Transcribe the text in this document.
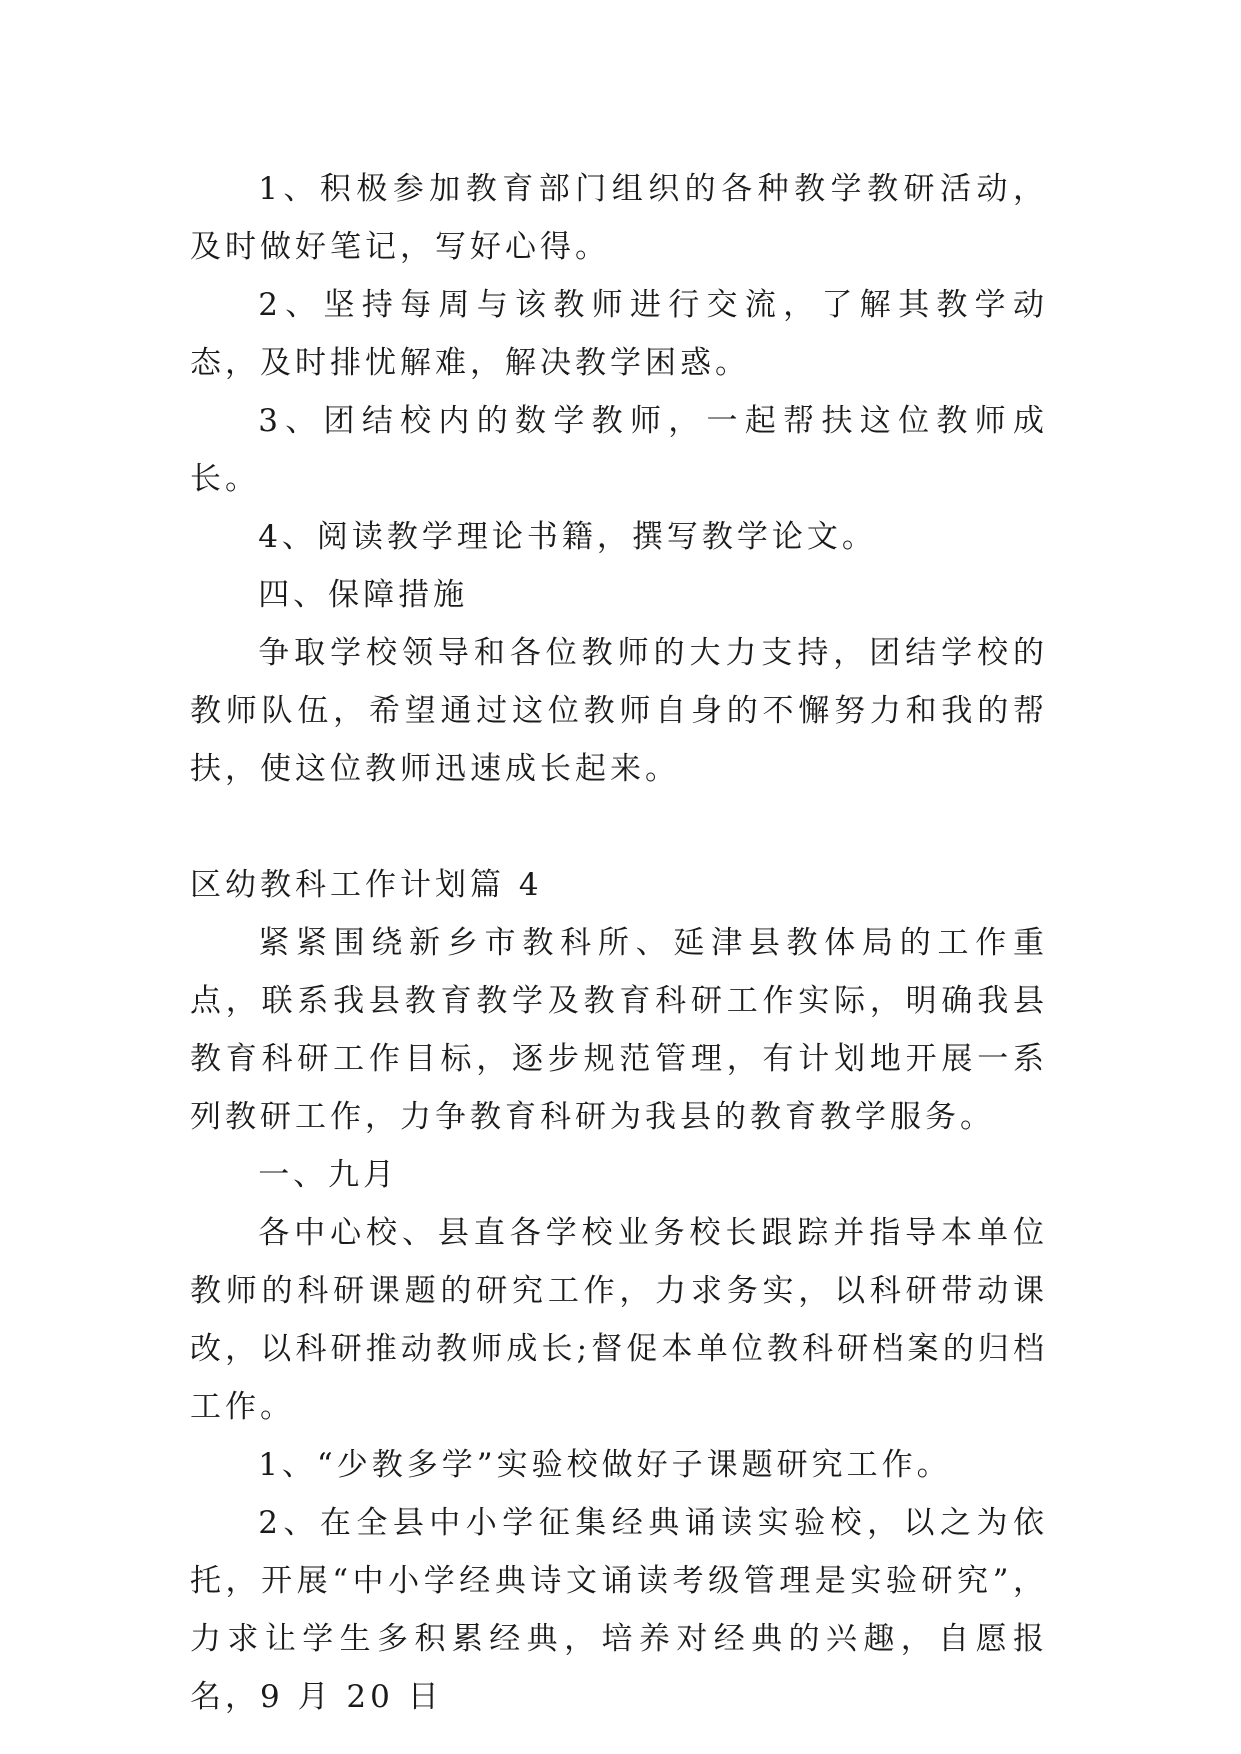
1、积极参加教育部门组织的各种教学教研活动，及时做好笔记，写好心得。

2、坚持每周与该教师进行交流，了解其教学动态，及时排忧解难，解决教学困惑。

3、团结校内的数学教师，一起帮扶这位教师成长。

4、阅读教学理论书籍，撰写教学论文。

四、保障措施

争取学校领导和各位教师的大力支持，团结学校的教师队伍，希望通过这位教师自身的不懈努力和我的帮扶，使这位教师迅速成长起来。

区幼教科工作计划篇 4

紧紧围绕新乡市教科所、延津县教体局的工作重点，联系我县教育教学及教育科研工作实际，明确我县教育科研工作目标，逐步规范管理，有计划地开展一系列教研工作，力争教育科研为我县的教育教学服务。

一、九月

各中心校、县直各学校业务校长跟踪并指导本单位教师的科研课题的研究工作，力求务实，以科研带动课改，以科研推动教师成长;督促本单位教科研档案的归档工作。

1、“少教多学”实验校做好子课题研究工作。

2、在全县中小学征集经典诵读实验校，以之为依托，开展“中小学经典诗文诵读考级管理是实验研究”，力求让学生多积累经典，培养对经典的兴趣，自愿报名，9 月 20 日
